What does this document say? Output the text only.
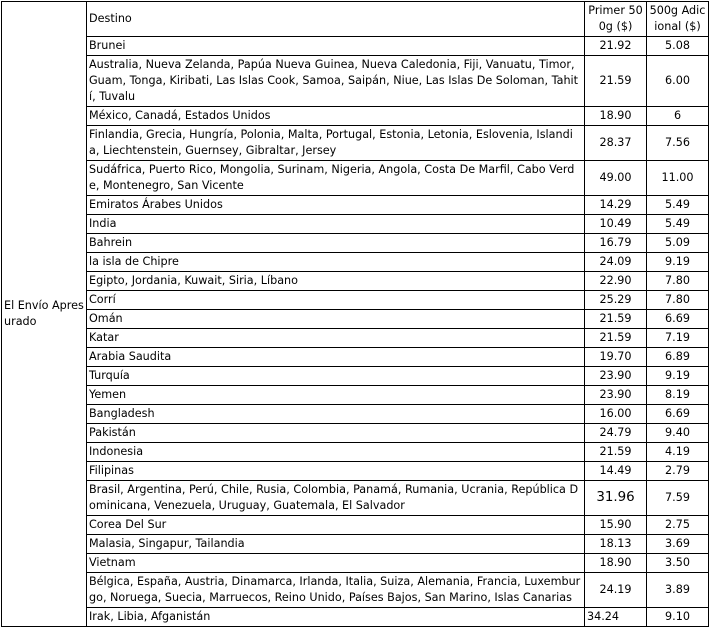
El Envío Apresurado	Destino	Primer 500g ($)	500g Adicional ($)
	Brunei	21.92	5.08
	Australia, Nueva Zelanda, Papúa Nueva Guinea, Nueva Caledonia, Fiji, Vanuatu, Timor, Guam, Tonga, Kiribati, Las Islas Cook, Samoa, Saipán, Niue, Las Islas De Soloman, Tahití, Tuvalu	21.59	6.00
	México, Canadá, Estados Unidos	18.90	6
	Finlandia, Grecia, Hungría, Polonia, Malta, Portugal, Estonia, Letonia, Eslovenia, Islandia, Liechtenstein, Guernsey, Gibraltar, Jersey	28.37	7.56
	Sudáfrica, Puerto Rico, Mongolia, Surinam, Nigeria, Angola, Costa De Marfil, Cabo Verde, Montenegro, San Vicente	49.00	11.00
	Emiratos Árabes Unidos	14.29	5.49
	India	10.49	5.49
	Bahrein	16.79	5.09
	la isla de Chipre	24.09	9.19
	Egipto, Jordania, Kuwait, Siria, Líbano	22.90	7.80
	Corrí	25.29	7.80
	Omán	21.59	6.69
	Katar	21.59	7.19
	Arabia Saudita	19.70	6.89
	Turquía	23.90	9.19
	Yemen	23.90	8.19
	Bangladesh	16.00	6.69
	Pakistán	24.79	9.40
	Indonesia	21.59	4.19
	Filipinas	14.49	2.79
	Brasil, Argentina, Perú, Chile, Rusia, Colombia, Panamá, Rumania, Ucrania, República Dominicana, Venezuela, Uruguay, Guatemala, El Salvador	31.96	7.59
	Corea Del Sur	15.90	2.75
	Malasia, Singapur, Tailandia	18.13	3.69
	Vietnam	18.90	3.50
	Bélgica, España, Austria, Dinamarca, Irlanda, Italia, Suiza, Alemania, Francia, Luxemburgo, Noruega, Suecia, Marruecos, Reino Unido, Países Bajos, San Marino, Islas Canarias	24.19	3.89
	Irak, Libia, Afganistán	34.24	9.10
